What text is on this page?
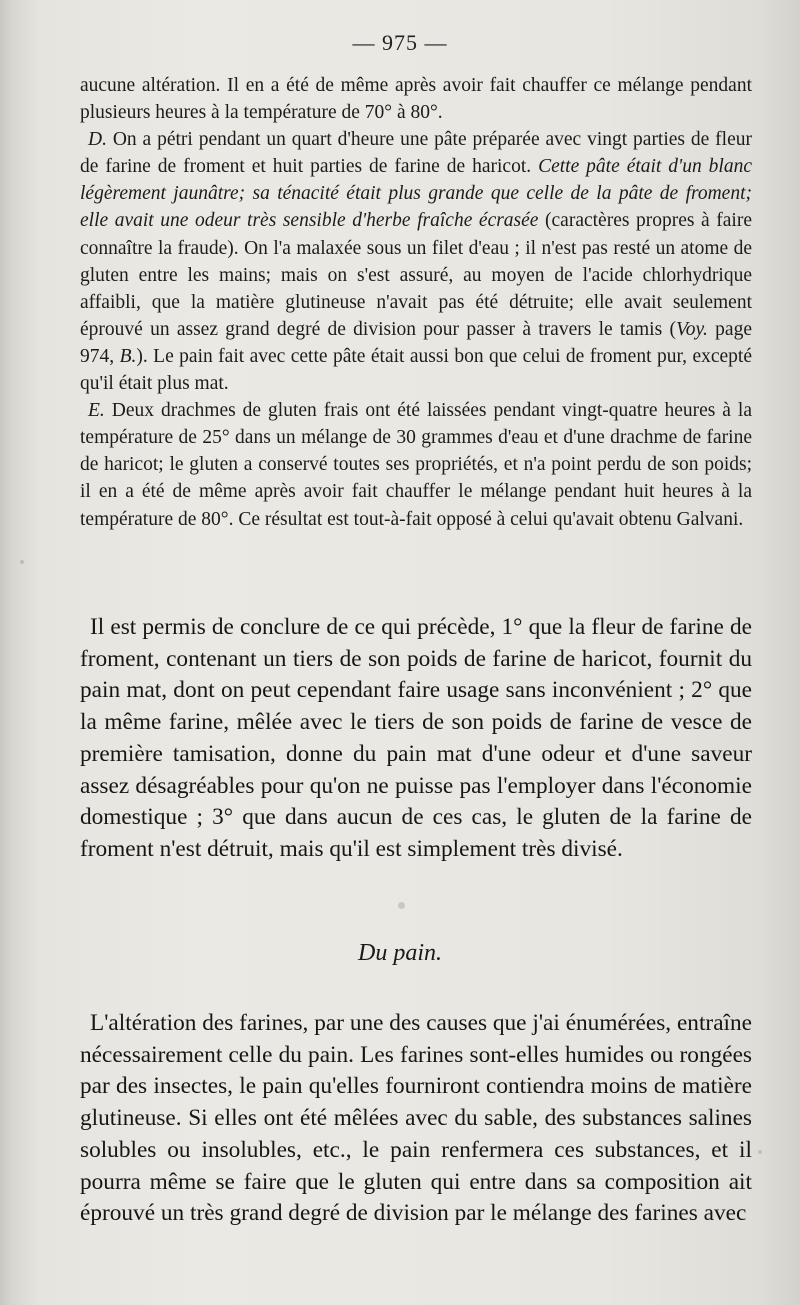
— 975 —

aucune altération. Il en a été de même après avoir fait chauffer ce mélange pendant plusieurs heures à la température de 70° à 80°.

D. On a pétri pendant un quart d'heure une pâte préparée avec vingt parties de fleur de farine de froment et huit parties de farine de haricot. Cette pâte était d'un blanc légèrement jaunâtre; sa ténacité était plus grande que celle de la pâte de froment; elle avait une odeur très sensible d'herbe fraîche écrasée (caractères propres à faire connaître la fraude). On l'a malaxée sous un filet d'eau ; il n'est pas resté un atome de gluten entre les mains; mais on s'est assuré, au moyen de l'acide chlorhydrique affaibli, que la matière glutineuse n'avait pas été détruite; elle avait seulement éprouvé un assez grand degré de division pour passer à travers le tamis (Voy. page 974, B.). Le pain fait avec cette pâte était aussi bon que celui de froment pur, excepté qu'il était plus mat.

E. Deux drachmes de gluten frais ont été laissées pendant vingt-quatre heures à la température de 25° dans un mélange de 30 grammes d'eau et d'une drachme de farine de haricot; le gluten a conservé toutes ses propriétés, et n'a point perdu de son poids; il en a été de même après avoir fait chauffer le mélange pendant huit heures à la température de 80°. Ce résultat est tout-à-fait opposé à celui qu'avait obtenu Galvani.

Il est permis de conclure de ce qui précède, 1° que la fleur de farine de froment, contenant un tiers de son poids de farine de haricot, fournit du pain mat, dont on peut cependant faire usage sans inconvénient ; 2° que la même farine, mêlée avec le tiers de son poids de farine de vesce de première tamisation, donne du pain mat d'une odeur et d'une saveur assez désagréables pour qu'on ne puisse pas l'employer dans l'économie domestique ; 3° que dans aucun de ces cas, le gluten de la farine de froment n'est détruit, mais qu'il est simplement très divisé.

Du pain.

L'altération des farines, par une des causes que j'ai énumérées, entraîne nécessairement celle du pain. Les farines sont-elles humides ou rongées par des insectes, le pain qu'elles fourniront contiendra moins de matière glutineuse. Si elles ont été mêlées avec du sable, des substances salines solubles ou insolubles, etc., le pain renfermera ces substances, et il pourra même se faire que le gluten qui entre dans sa composition ait éprouvé un très grand degré de division par le mélange des farines avec
